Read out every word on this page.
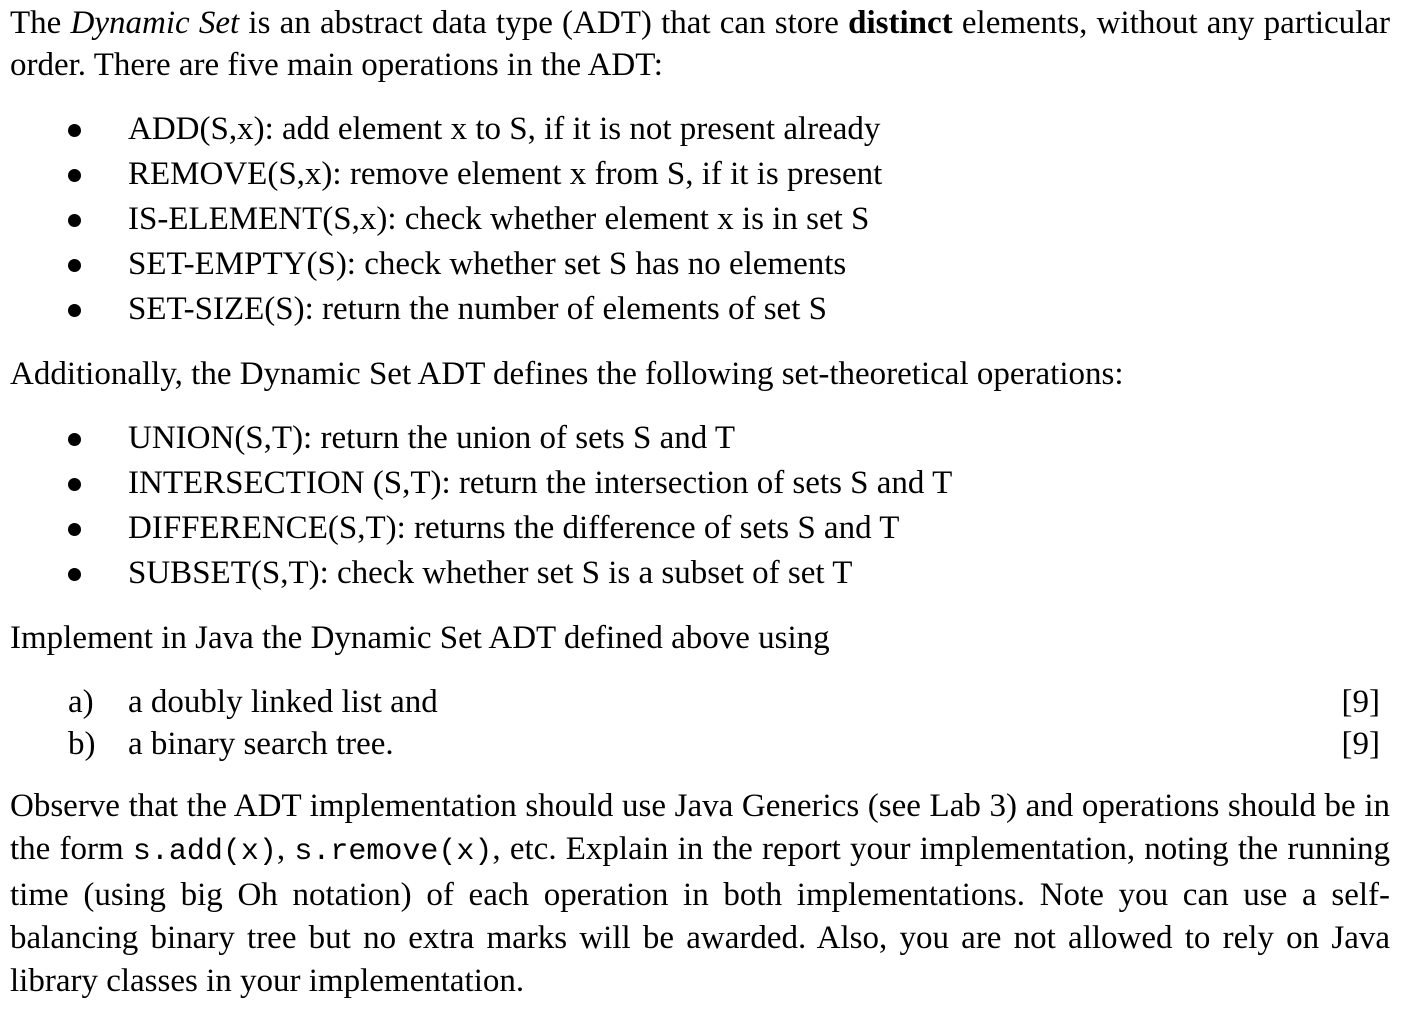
The Dynamic Set is an abstract data type (ADT) that can store distinct elements, without any particular order. There are five main operations in the ADT:

ADD(S,x): add element x to S, if it is not present already
REMOVE(S,x): remove element x from S, if it is present
IS-ELEMENT(S,x): check whether element x is in set S
SET-EMPTY(S): check whether set S has no elements
SET-SIZE(S): return the number of elements of set S

Additionally, the Dynamic Set ADT defines the following set-theoretical operations:

UNION(S,T): return the union of sets S and T
INTERSECTION (S,T): return the intersection of sets S and T
DIFFERENCE(S,T): returns the difference of sets S and T
SUBSET(S,T): check whether set S is a subset of set T

Implement in Java the Dynamic Set ADT defined above using

a) a doubly linked list and	[9]
b) a binary search tree.	[9]

Observe that the ADT implementation should use Java Generics (see Lab 3) and operations should be in the form s.add(x), s.remove(x), etc. Explain in the report your implementation, noting the running time (using big Oh notation) of each operation in both implementations. Note you can use a self-balancing binary tree but no extra marks will be awarded. Also, you are not allowed to rely on Java library classes in your implementation.
